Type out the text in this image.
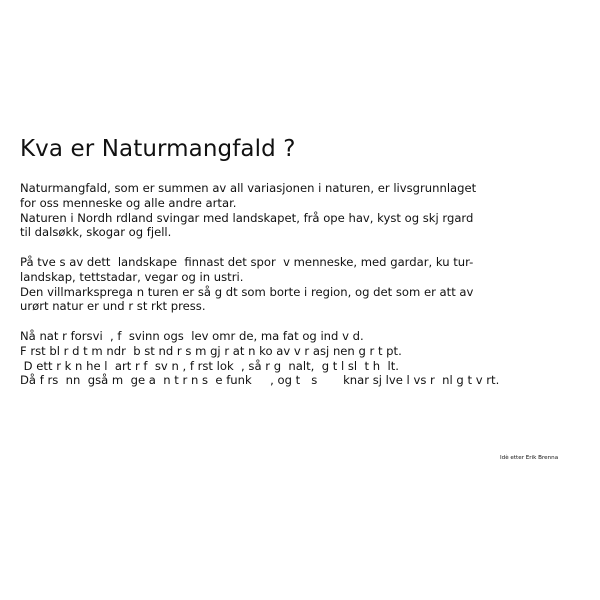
Kva er Naturmangfald ?

Naturmangfald, som er summen av all variasjonen i naturen, er livsgrunnlaget
for oss menneske og alle andre artar.
Naturen i Nordh rdland svingar med landskapet, frå ope hav, kyst og skj rgard
til dalsøkk, skogar og fjell.

På tve s av dett  landskape  finnast det spor  v menneske, med gardar, ku tur-
landskap, tettstadar, vegar og in ustri.
Den villmarksprega n turen er så g dt som borte i region, og det som er att av
urørt natur er und r st rkt press.

Nå nat r forsvi  , f  svinn ogs  lev omr de, ma fat og ind v d.
F rst bl r d t m ndr  b st nd r s m gj r at n ko av v r asj nen g r t pt.
D ett r k n he l  art r f  sv n , f rst lok  , så r g  nalt,  g t l sl  t h  lt.
Då f rs  nn  gså m  ge a  n t r n s  e funk     , og t   s       knar sj lve l vs r  nl g t v rt.

Idè etter Erik Brenna
